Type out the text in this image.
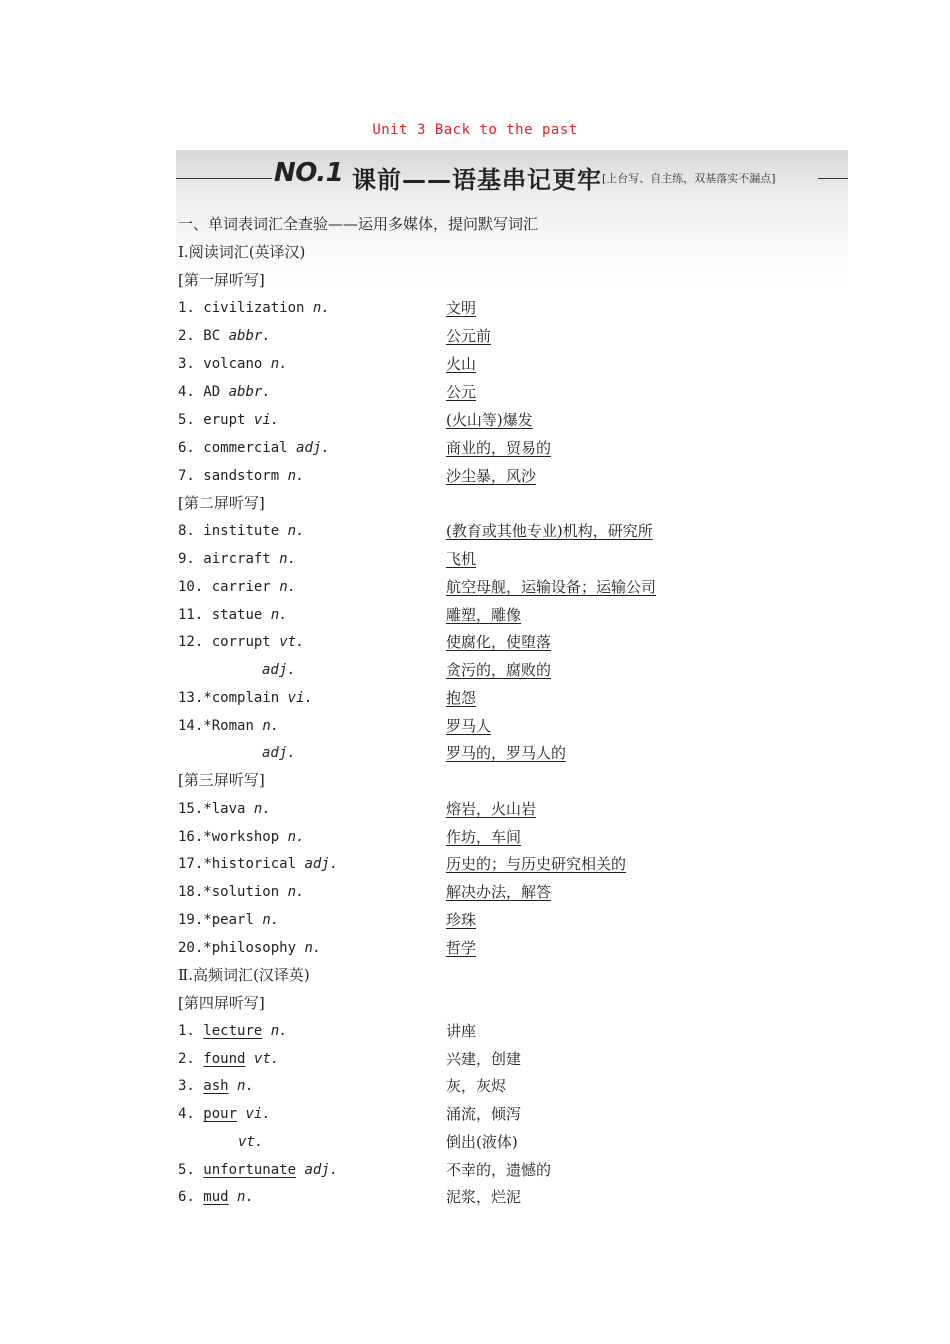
Unit 3 Back to the past
NO.1 课前——语基串记更牢 [上台写、自主练，双基落实不漏点]
一、单词表词汇全查验——运用多媒体，提问默写词汇
Ⅰ.阅读词汇(英译汉)
[第一屏听写]
1. civilization n.	文明
2. BC abbr.	公元前
3. volcano n.	火山
4. AD abbr.	公元
5. erupt vi.	(火山等)爆发
6. commercial adj.	商业的，贸易的
7. sandstorm n.	沙尘暴，风沙
[第二屏听写]
8. institute n.	(教育或其他专业)机构，研究所
9. aircraft n.	飞机
10. carrier n.	航空母舰，运输设备；运输公司
11. statue n.	雕塑，雕像
12. corrupt vt.	使腐化，使堕落
adj.	贪污的，腐败的
13.*complain vi.	抱怨
14.*Roman n.	罗马人
adj.	罗马的，罗马人的
[第三屏听写]
15.*lava n.	熔岩，火山岩
16.*workshop n.	作坊，车间
17.*historical adj.	历史的；与历史研究相关的
18.*solution n.	解决办法，解答
19.*pearl n.	珍珠
20.*philosophy n.	哲学
Ⅱ.高频词汇(汉译英)
[第四屏听写]
1. lecture n.	讲座
2. found vt.	兴建，创建
3. ash n.	灰，灰烬
4. pour vi.	涌流，倾泻
vt.	倒出(液体)
5. unfortunate adj.	不幸的，遗憾的
6. mud n.	泥浆，烂泥
